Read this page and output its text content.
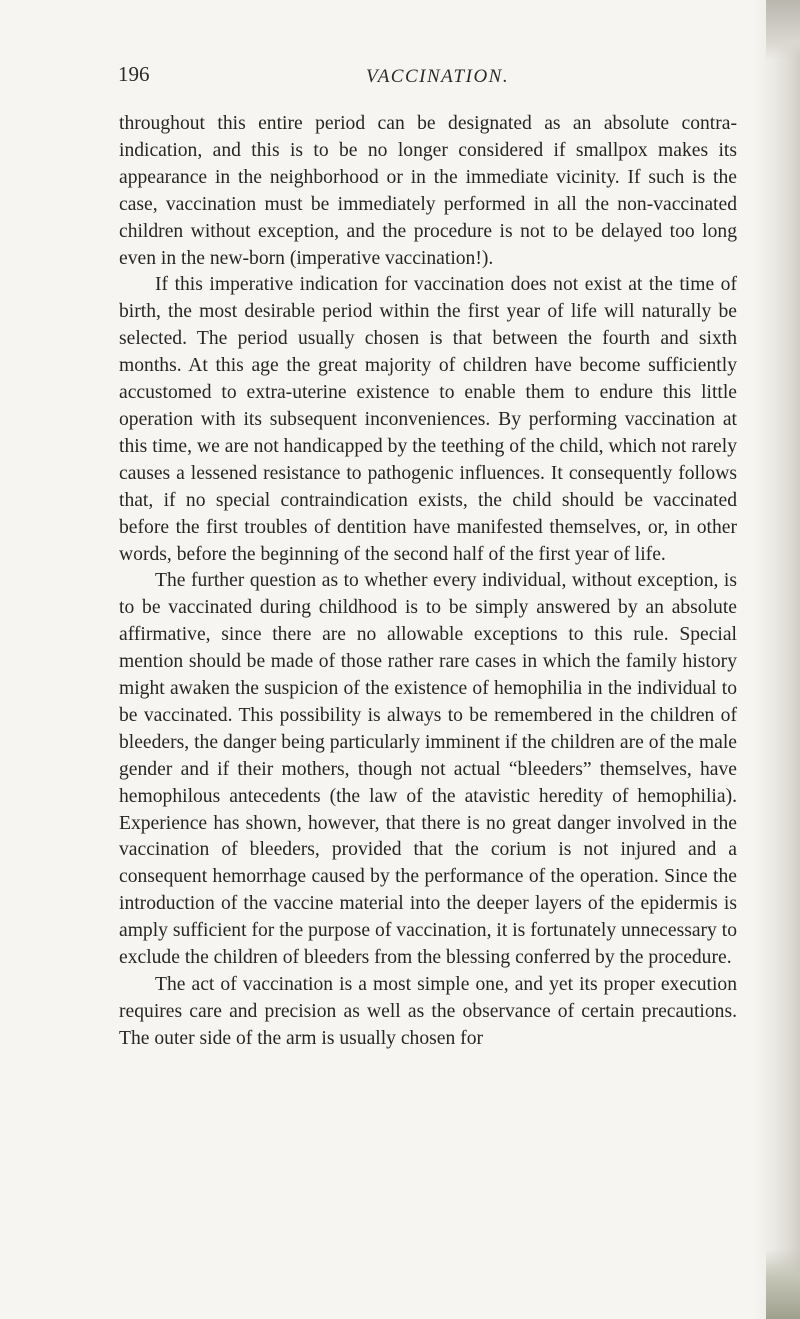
196	VACCINATION.

throughout this entire period can be designated as an absolute contra-indication, and this is to be no longer considered if smallpox makes its appearance in the neighborhood or in the immediate vicinity. If such is the case, vaccination must be immediately performed in all the non-vaccinated children without exception, and the procedure is not to be delayed too long even in the new-born (imperative vaccination!).

If this imperative indication for vaccination does not exist at the time of birth, the most desirable period within the first year of life will naturally be selected. The period usually chosen is that between the fourth and sixth months. At this age the great majority of children have become sufficiently accustomed to extra-uterine existence to enable them to endure this little operation with its subsequent inconveniences. By performing vaccination at this time, we are not handicapped by the teething of the child, which not rarely causes a lessened resistance to pathogenic influences. It consequently follows that, if no special contraindication exists, the child should be vaccinated before the first troubles of dentition have manifested themselves, or, in other words, before the beginning of the second half of the first year of life.

The further question as to whether every individual, without exception, is to be vaccinated during childhood is to be simply answered by an absolute affirmative, since there are no allowable exceptions to this rule. Special mention should be made of those rather rare cases in which the family history might awaken the suspicion of the existence of hemophilia in the individual to be vaccinated. This possibility is always to be remembered in the children of bleeders, the danger being particularly imminent if the children are of the male gender and if their mothers, though not actual “bleeders” themselves, have hemophilous antecedents (the law of the atavistic heredity of hemophilia). Experience has shown, however, that there is no great danger involved in the vaccination of bleeders, provided that the corium is not injured and a consequent hemorrhage caused by the performance of the operation. Since the introduction of the vaccine material into the deeper layers of the epidermis is amply sufficient for the purpose of vaccination, it is fortunately unnecessary to exclude the children of bleeders from the blessing conferred by the procedure.

The act of vaccination is a most simple one, and yet its proper execution requires care and precision as well as the observance of certain precautions. The outer side of the arm is usually chosen for
